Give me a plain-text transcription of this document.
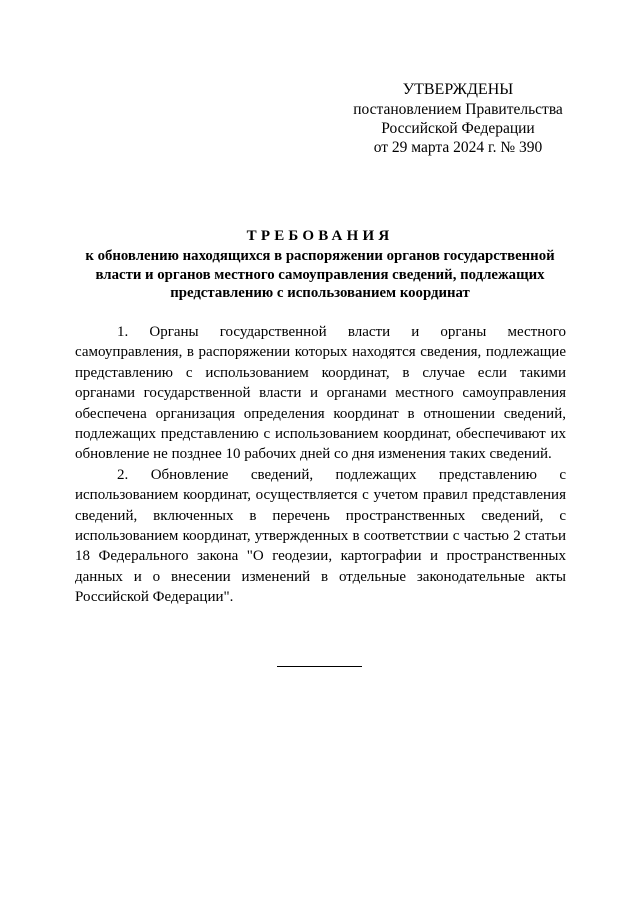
УТВЕРЖДЕНЫ
постановлением Правительства
Российской Федерации
от 29 марта 2024 г. № 390
ТРЕБОВАНИЯ
к обновлению находящихся в распоряжении органов государственной власти и органов местного самоуправления сведений, подлежащих представлению с использованием координат

1. Органы государственной власти и органы местного самоуправления, в распоряжении которых находятся сведения, подлежащие представлению с использованием координат, в случае если такими органами государственной власти и органами местного самоуправления обеспечена организация определения координат в отношении сведений, подлежащих представлению с использованием координат, обеспечивают их обновление не позднее 10 рабочих дней со дня изменения таких сведений.

2. Обновление сведений, подлежащих представлению с использованием координат, осуществляется с учетом правил представления сведений, включенных в перечень пространственных сведений, с использованием координат, утвержденных в соответствии с частью 2 статьи 18 Федерального закона "О геодезии, картографии и пространственных данных и о внесении изменений в отдельные законодательные акты Российской Федерации".
